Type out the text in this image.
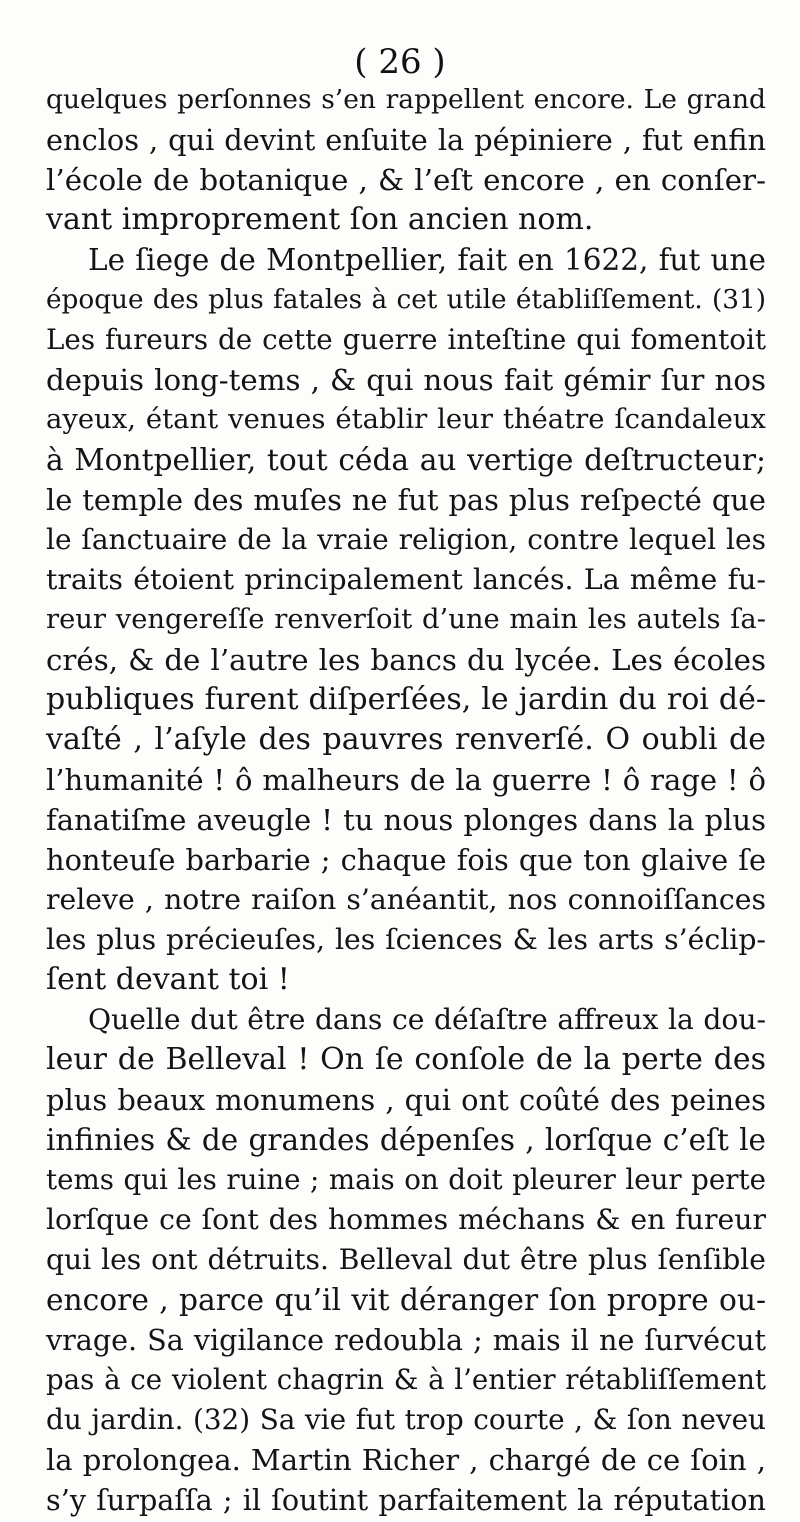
( 26 )
quelques perſonnes s’en rappellent encore. Le grand
enclos , qui devint enſuite la pépiniere , fut enfin
l’école de botanique , & l’eſt encore , en conſer-
vant improprement ſon ancien nom.
Le ſiege de Montpellier, fait en 1622, fut une
époque des plus fatales à cet utile établiſſement. (31)
Les fureurs de cette guerre inteſtine qui fomentoit
depuis long-tems , & qui nous fait gémir ſur nos
ayeux, étant venues établir leur théatre ſcandaleux
à Montpellier, tout céda au vertige deſtructeur;
le temple des muſes ne fut pas plus reſpecté que
le ſanctuaire de la vraie religion, contre lequel les
traits étoient principalement lancés. La même fu-
reur vengereſſe renverſoit d’une main les autels ſa-
crés, & de l’autre les bancs du lycée. Les écoles
publiques furent diſperſées, le jardin du roi dé-
vaſté , l’aſyle des pauvres renverſé. O oubli de
l’humanité ! ô malheurs de la guerre ! ô rage ! ô
fanatiſme aveugle ! tu nous plonges dans la plus
honteuſe barbarie ; chaque fois que ton glaive ſe
releve , notre raiſon s’anéantit, nos connoiſſances
les plus précieuſes, les ſciences & les arts s’éclip-
ſent devant toi !
Quelle dut être dans ce déſaſtre affreux la dou-
leur de Belleval ! On ſe conſole de la perte des
plus beaux monumens , qui ont coûté des peines
infinies & de grandes dépenſes , lorſque c’eſt le
tems qui les ruine ; mais on doit pleurer leur perte
lorſque ce ſont des hommes méchans & en fureur
qui les ont détruits. Belleval dut être plus ſenſible
encore , parce qu’il vit déranger ſon propre ou-
vrage. Sa vigilance redoubla ; mais il ne ſurvécut
pas à ce violent chagrin & à l’entier rétabliſſement
du jardin. (32) Sa vie fut trop courte , & ſon neveu
la prolongea. Martin Richer , chargé de ce ſoin ,
s’y ſurpaſſa ; il ſoutint parfaitement la réputation
